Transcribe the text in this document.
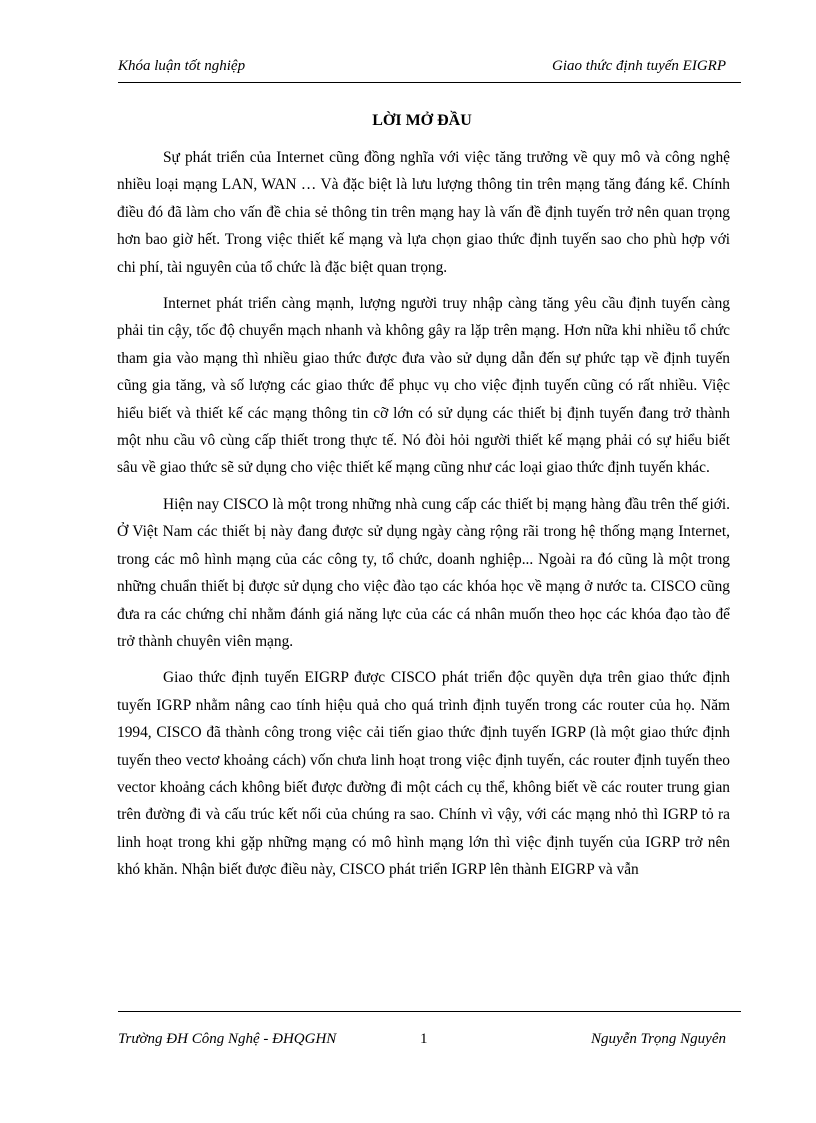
Khóa luận tốt nghiệp	Giao thức định tuyến EIGRP
LỜI MỞ ĐẦU

Sự phát triển của Internet cũng đồng nghĩa với việc tăng trưởng về quy mô và công nghệ nhiều loại mạng LAN, WAN … Và đặc biệt là lưu lượng thông tin trên mạng tăng đáng kể. Chính điều đó đã làm cho vấn đề chia sẻ thông tin trên mạng hay là vấn đề định tuyến trở nên quan trọng hơn bao giờ hết. Trong việc thiết kế mạng và lựa chọn giao thức định tuyến sao cho phù hợp với chi phí, tài nguyên của tổ chức là đặc biệt quan trọng.

Internet phát triển càng mạnh, lượng người truy nhập càng tăng yêu cầu định tuyến càng phải tin cậy, tốc độ chuyển mạch nhanh và không gây ra lặp trên mạng. Hơn nữa khi nhiều tổ chức tham gia vào mạng thì nhiều giao thức được đưa vào sử dụng dẫn đến sự phức tạp về định tuyến cũng gia tăng, và số lượng các giao thức để phục vụ cho việc định tuyến cũng có rất nhiều. Việc hiểu biết và thiết kế các mạng thông tin cỡ lớn có sử dụng các thiết bị định tuyến đang trở thành một nhu cầu vô cùng cấp thiết trong thực tế. Nó đòi hỏi người thiết kế mạng phải có sự hiểu biết sâu về giao thức sẽ sử dụng cho việc thiết kế mạng cũng như các loại giao thức định tuyến khác.

Hiện nay CISCO là một trong những nhà cung cấp các thiết bị mạng hàng đầu trên thế giới. Ở Việt Nam các thiết bị này đang được sử dụng ngày càng rộng rãi trong hệ thống mạng Internet, trong các mô hình mạng của các công ty, tổ chức, doanh nghiệp... Ngoài ra đó cũng là một trong những chuẩn thiết bị được sử dụng cho việc đào tạo các khóa học về mạng ở nước ta. CISCO cũng đưa ra các chứng chỉ nhằm đánh giá năng lực của các cá nhân muốn theo học các khóa đạo tào để trở thành chuyên viên mạng.

Giao thức định tuyến EIGRP được CISCO phát triển độc quyền dựa trên giao thức định tuyến IGRP nhằm nâng cao tính hiệu quả cho quá trình định tuyến trong các router của họ. Năm 1994, CISCO đã thành công trong việc cải tiến giao thức định tuyến IGRP (là một giao thức định tuyến theo vectơ khoảng cách) vốn chưa linh hoạt trong việc định tuyến, các router định tuyến theo vector khoảng cách không biết được đường đi một cách cụ thể, không biết về các router trung gian trên đường đi và cấu trúc kết nối của chúng ra sao. Chính vì vậy, với các mạng nhỏ thì IGRP tỏ ra linh hoạt trong khi gặp những mạng có mô hình mạng lớn thì việc định tuyến của IGRP trở nên khó khăn. Nhận biết được điều này, CISCO phát triển IGRP lên thành EIGRP và vẫn

Trường ĐH Công Nghệ - ĐHQGHN	1	Nguyễn Trọng Nguyên
